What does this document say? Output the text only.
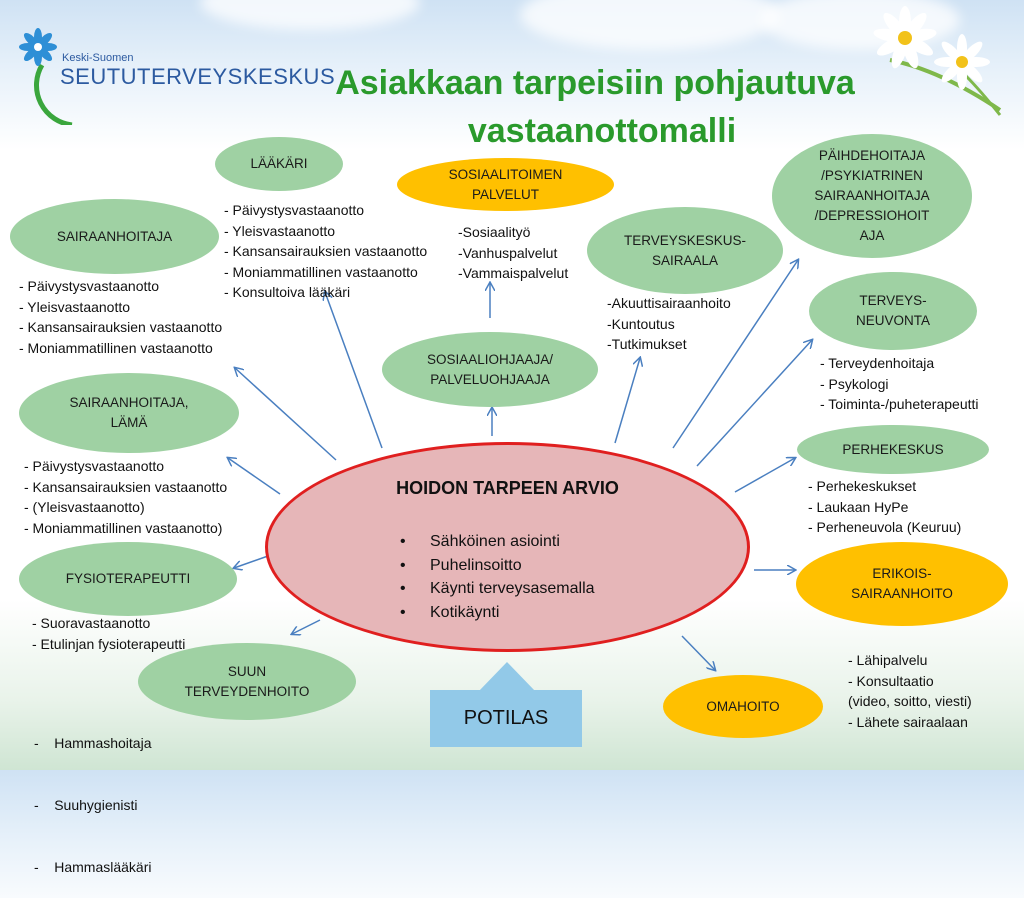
Keski-Suomen
SEUTUTERVEYSKESKUS Asiakkaan tarpeisiin pohjautuva
vastaanottomalli
LÄÄKÄRI
SOSIAALITOIMEN
PALVELUT
PÄIHDEHOITAJA
/PSYKIATRINEN
SAIRAANHOITAJA
/DEPRESSIOHOIT
AJA
SAIRAANHOITAJA	TERVEYSKESKUS-
SAIRAALA
TERVEYS-
NEUVONTA
SOSIAALIOHJAAJA/
PALVELUOHJAAJA
SAIRAANHOITAJA,
LÄMÄ
PERHEKESKUS
FYSIOTERAPEUTTI	ERIKOIS-
SAIRAANHOITO
SUUN
TERVEYDENHOITO
OMAHOITO
- Päivystysvastaanotto
- Yleisvastaanotto
- Kansansairauksien vastaanotto
- Moniammatillinen vastaanotto
- Konsultoiva lääkäri
-Sosiaalityö
-Vanhuspalvelut
-Vammaispalvelut
- Päivystysvastaanotto
- Yleisvastaanotto
- Kansansairauksien vastaanotto
- Moniammatillinen vastaanotto
-Akuuttisairaanhoito
-Kuntoutus
-Tutkimukset
- Terveydenhoitaja
- Psykologi
- Toiminta-/puheterapeutti
- Päivystysvastaanotto
- Kansansairauksien vastaanotto
- (Yleisvastaanotto)
- Moniammatillinen vastaanotto)
- Perhekeskukset
- Laukaan HyPe
- Perheneuvola (Keuruu)
- Suoravastaanotto
- Etulinjan fysioterapeutti
- Lähipalvelu
- Konsultaatio
(video, soitto, viesti)
- Lähete sairaalaan

-    Hammashoitaja

-    Suuhygienisti

-    Hammaslääkäri

HOIDON TARPEEN ARVIO
• Sähköinen asiointi
• Puhelinsoitto
• Käynti terveysasemalla
• Kotikäynti
POTILAS
